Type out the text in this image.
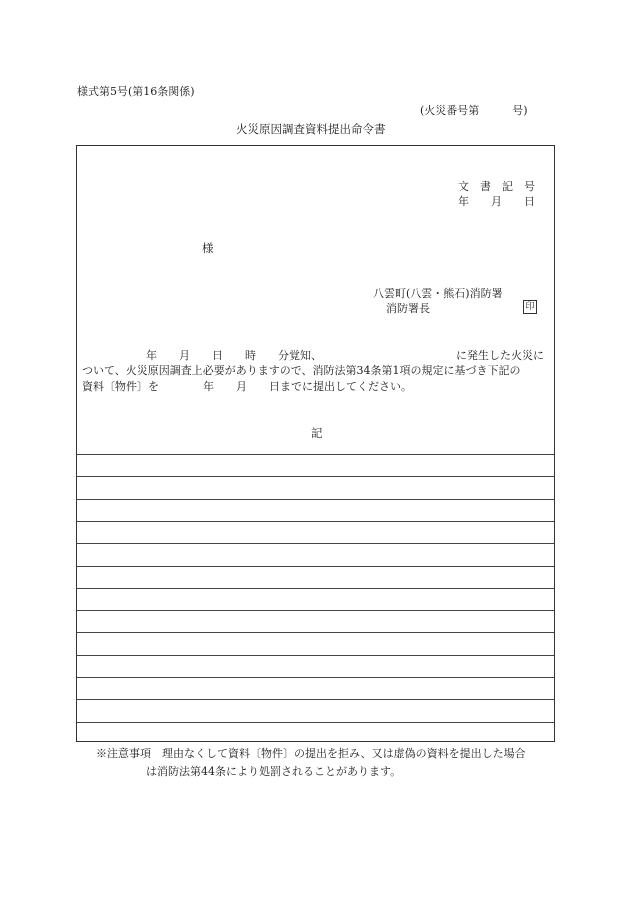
様式第5号(第16条関係)
(火災番号第　　　号)
火災原因調査資料提出命令書
文　書　記　号
年　　月　　日
様
八雲町(八雲・熊石)消防署
消防署長	印
年　　月　　日　　時　　分覚知、	に発生した火災に
ついて、火災原因調査上必要がありますので、消防法第34条第1項の規定に基づき下記の
資料〔物件〕を　　　　年　　月　　日までに提出してください。
記
※注意事項　理由なくして資料〔物件〕の提出を拒み、又は虚偽の資料を提出した場合
は消防法第44条により処罰されることがあります。
